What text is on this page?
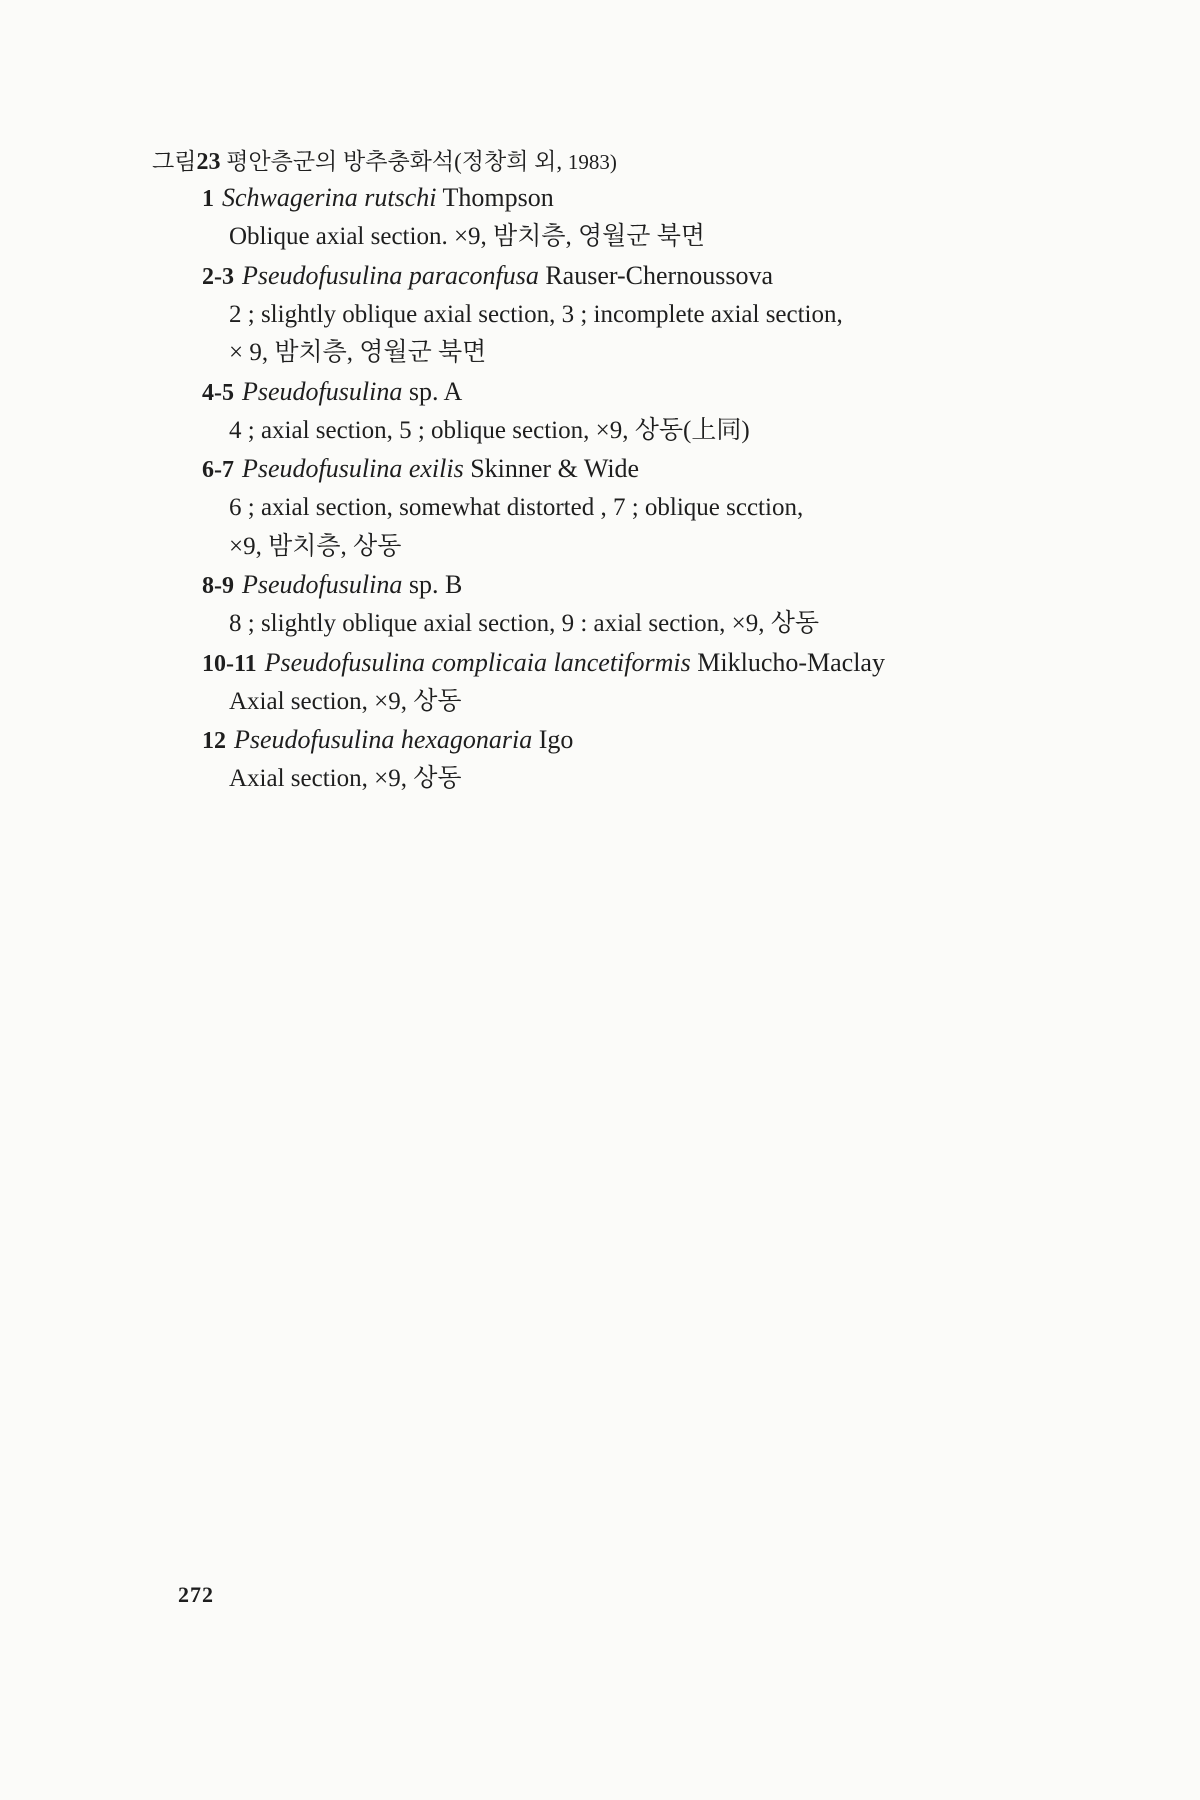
그림23 평안층군의 방추충화석(정창희 외, 1983)
1 Schwagerina rutschi Thompson
Oblique axial section. ×9, 밤치층, 영월군 북면
2-3 Pseudofusulina paraconfusa Rauser-Chernoussova
2 ; slightly oblique axial section, 3 ; incomplete axial section,
× 9, 밤치층, 영월군 북면
4-5 Pseudofusulina sp. A
4 ; axial section, 5 ; oblique section, ×9, 상동(上同)
6-7 Pseudofusulina exilis Skinner & Wide
6 ; axial section, somewhat distorted , 7 ; oblique scction,
×9, 밤치층, 상동
8-9 Pseudofusulina sp. B
8 ; slightly oblique axial section, 9 : axial section, ×9, 상동
10-11 Pseudofusulina complicaia lancetiformis Miklucho-Maclay
Axial section, ×9, 상동
12 Pseudofusulina hexagonaria Igo
Axial section, ×9, 상동
272
